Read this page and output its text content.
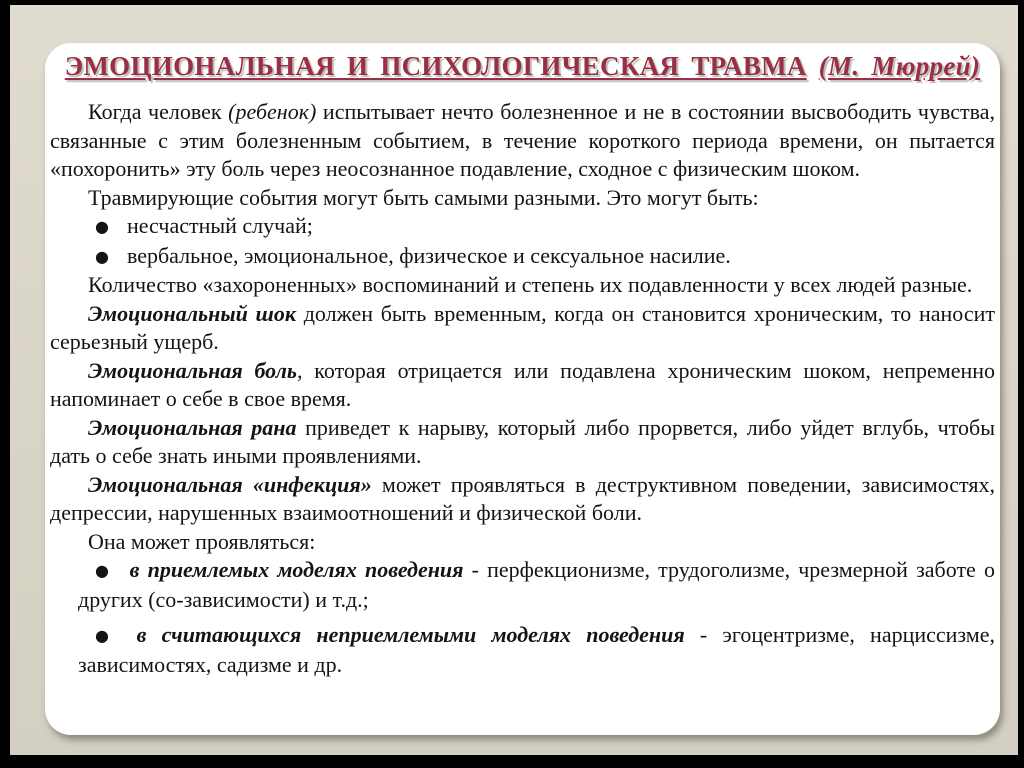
ЭМОЦИОНАЛЬНАЯ И ПСИХОЛОГИЧЕСКАЯ ТРАВМА (М. Мюррей)

Когда человек (ребенок) испытывает нечто болезненное и не в состоянии высвободить чувства, связанные с этим болезненным событием, в течение короткого периода времени, он пытается «похоронить» эту боль через неосознанное подавление, сходное с физическим шоком.

Травмирующие события могут быть самыми разными. Это могут быть:

● несчастный случай;
● вербальное, эмоциональное, физическое и сексуальное насилие.

Количество «захороненных» воспоминаний и степень их подавленности у всех людей разные.

Эмоциональный шок должен быть временным, когда он становится хроническим, то наносит серьезный ущерб.

Эмоциональная боль, которая отрицается или подавлена хроническим шоком, непременно напоминает о себе в свое время.

Эмоциональная рана приведет к нарыву, который либо прорвется, либо уйдет вглубь, чтобы дать о себе знать иными проявлениями.

Эмоциональная «инфекция» может проявляться в деструктивном поведении, зависимостях, депрессии, нарушенных взаимоотношений и физической боли.

Она может проявляться:

● в приемлемых моделях поведения - перфекционизме, трудоголизме, чрезмерной заботе о других (со-зависимости) и т.д.;
● в считающихся неприемлемыми моделях поведения - эгоцентризме, нарциссизме, зависимостях, садизме и др.
